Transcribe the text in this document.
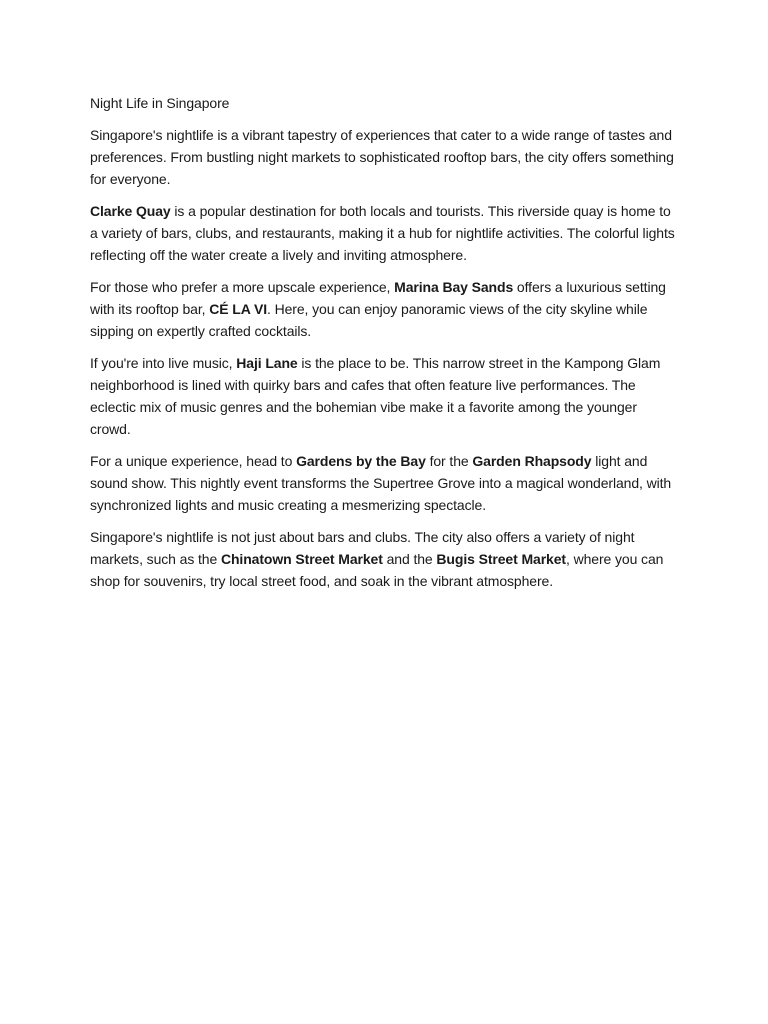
Night Life in Singapore

Singapore's nightlife is a vibrant tapestry of experiences that cater to a wide range of tastes and preferences. From bustling night markets to sophisticated rooftop bars, the city offers something for everyone.

Clarke Quay is a popular destination for both locals and tourists. This riverside quay is home to a variety of bars, clubs, and restaurants, making it a hub for nightlife activities. The colorful lights reflecting off the water create a lively and inviting atmosphere.

For those who prefer a more upscale experience, Marina Bay Sands offers a luxurious setting with its rooftop bar, CÉ LA VI. Here, you can enjoy panoramic views of the city skyline while sipping on expertly crafted cocktails.

If you're into live music, Haji Lane is the place to be. This narrow street in the Kampong Glam neighborhood is lined with quirky bars and cafes that often feature live performances. The eclectic mix of music genres and the bohemian vibe make it a favorite among the younger crowd.

For a unique experience, head to Gardens by the Bay for the Garden Rhapsody light and sound show. This nightly event transforms the Supertree Grove into a magical wonderland, with synchronized lights and music creating a mesmerizing spectacle.

Singapore's nightlife is not just about bars and clubs. The city also offers a variety of night markets, such as the Chinatown Street Market and the Bugis Street Market, where you can shop for souvenirs, try local street food, and soak in the vibrant atmosphere.
